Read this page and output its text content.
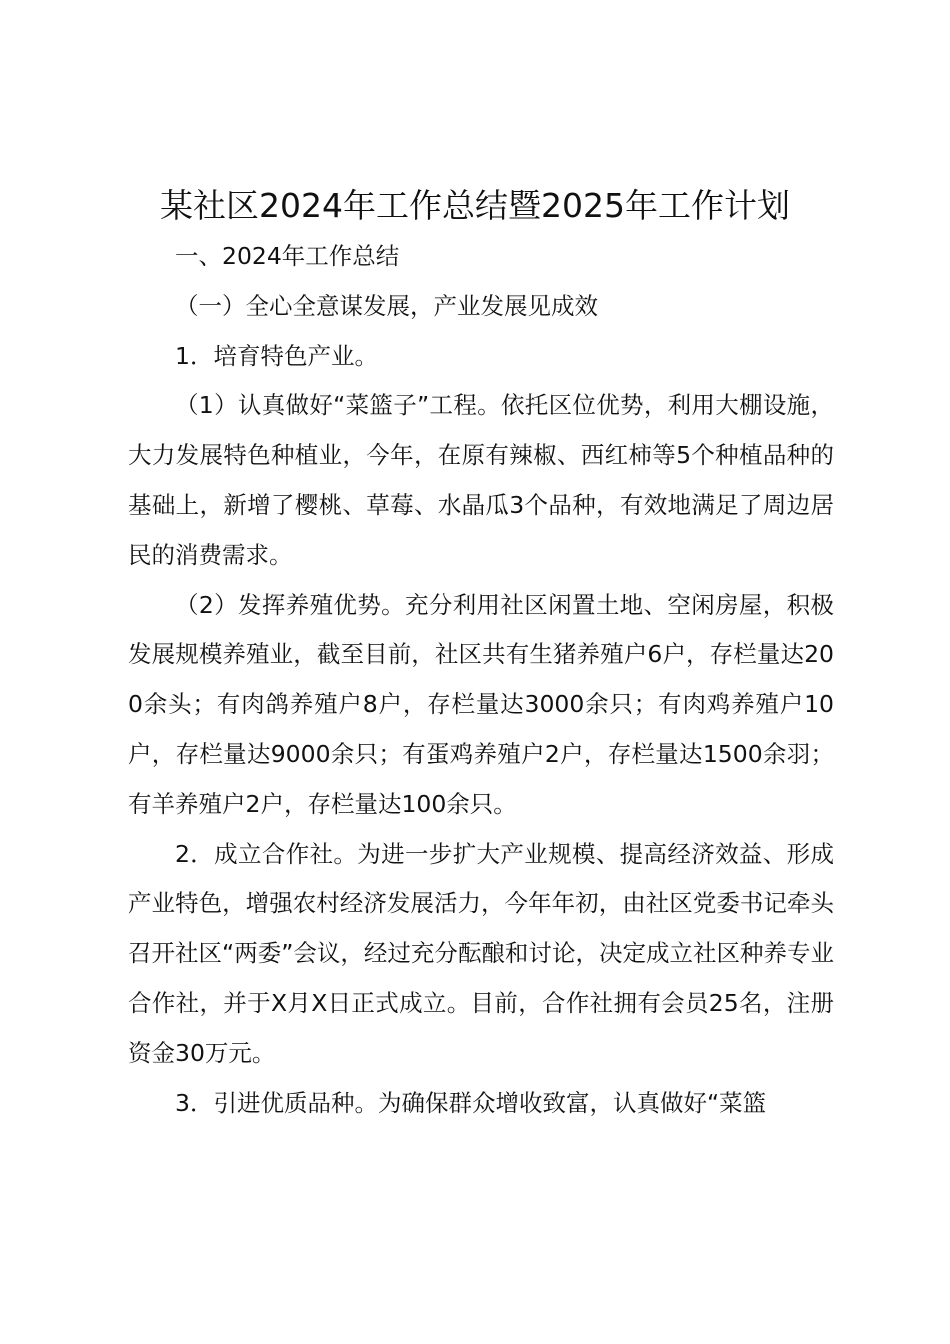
某社区2024年工作总结暨2025年工作计划

一、2024年工作总结

（一）全心全意谋发展，产业发展见成效

1．培育特色产业。

（1）认真做好“菜篮子”工程。依托区位优势，利用大棚设施，大力发展特色种植业，今年，在原有辣椒、西红柿等5个种植品种的基础上，新增了樱桃、草莓、水晶瓜3个品种，有效地满足了周边居民的消费需求。

（2）发挥养殖优势。充分利用社区闲置土地、空闲房屋，积极发展规模养殖业，截至目前，社区共有生猪养殖户6户，存栏量达200余头；有肉鸽养殖户8户，存栏量达3000余只；有肉鸡养殖户10户，存栏量达9000余只；有蛋鸡养殖户2户，存栏量达1500余羽；有羊养殖户2户，存栏量达100余只。

2．成立合作社。为进一步扩大产业规模、提高经济效益、形成产业特色，增强农村经济发展活力，今年年初，由社区党委书记牵头召开社区“两委”会议，经过充分酝酿和讨论，决定成立社区种养专业合作社，并于X月X日正式成立。目前，合作社拥有会员25名，注册资金30万元。

3．引进优质品种。为确保群众增收致富，认真做好“菜篮
